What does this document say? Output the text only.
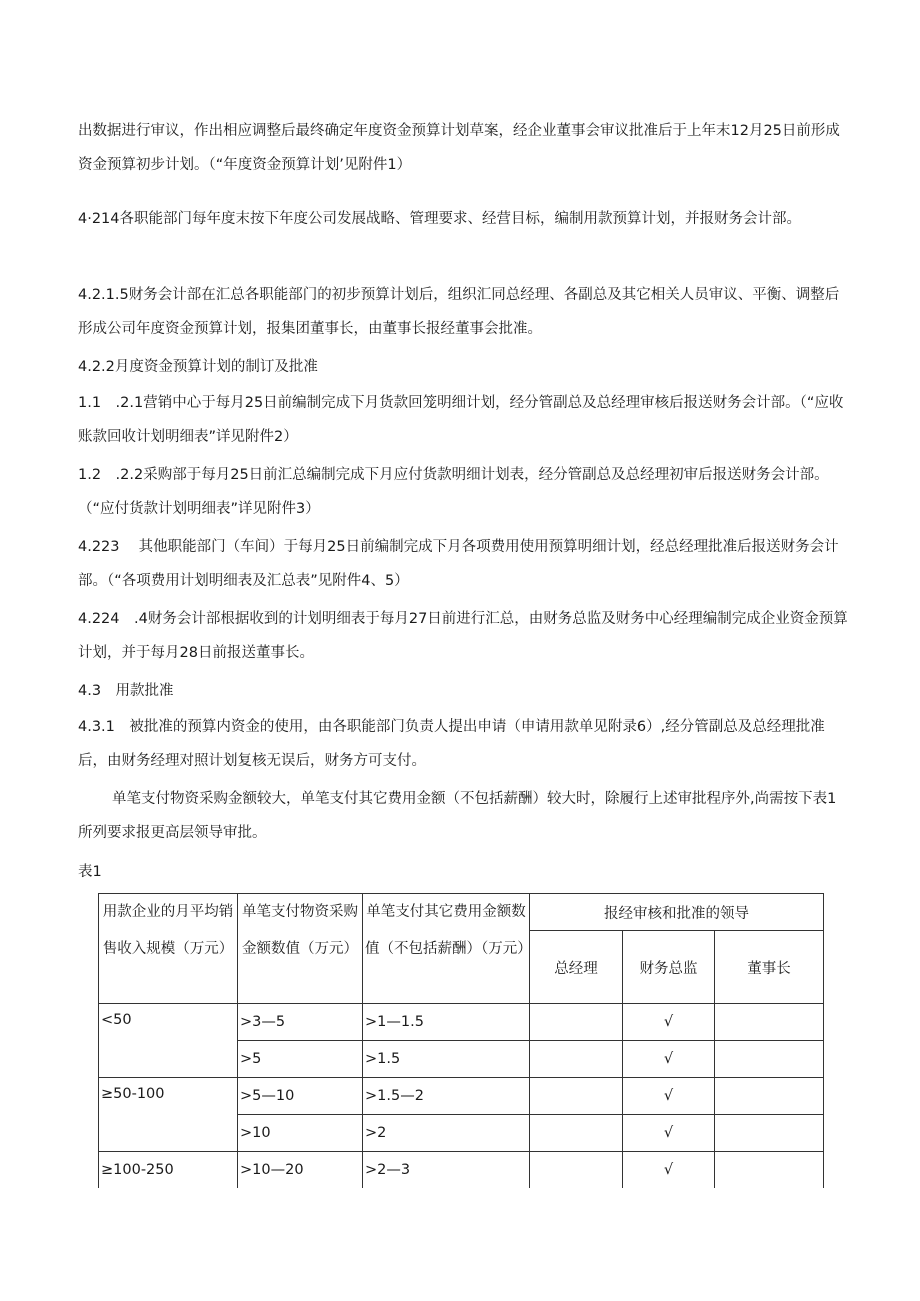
出数据进行审议，作出相应调整后最终确定年度资金预算计划草案，经企业董事会审议批准后于上年末12月25日前形成资金预算初步计划。（“年度资金预算计划’见附件1）

4·214各职能部门每年度末按下年度公司发展战略、管理要求、经营目标，编制用款预算计划，并报财务会计部。

4.2.1.5财务会计部在汇总各职能部门的初步预算计划后，组织汇同总经理、各副总及其它相关人员审议、平衡、调整后形成公司年度资金预算计划，报集团董事长，由董事长报经董事会批准。

4.2.2月度资金预算计划的制订及批准

1.1　.2.1营销中心于每月25日前编制完成下月货款回笼明细计划，经分管副总及总经理审核后报送财务会计部。（“应收账款回收计划明细表”详见附件2）

1.2　.2.2采购部于每月25日前汇总编制完成下月应付货款明细计划表，经分管副总及总经理初审后报送财务会计部。（“应付货款计划明细表”详见附件3）

4.223　 其他职能部门（车间）于每月25日前编制完成下月各项费用使用预算明细计划，经总经理批准后报送财务会计部。（“各项费用计划明细表及汇总表”见附件4、5）

4.224　.4财务会计部根据收到的计划明细表于每月27日前进行汇总，由财务总监及财务中心经理编制完成企业资金预算计划，并于每月28日前报送董事长。

4.3　用款批准

4.3.1　被批准的预算内资金的使用，由各职能部门负责人提出申请（申请用款单见附录6）,经分管副总及总经理批准后，由财务经理对照计划复核无误后，财务方可支付。

单笔支付物资采购金额较大，单笔支付其它费用金额（不包括薪酬）较大时，除履行上述审批程序外,尚需按下表1所列要求报更高层领导审批。

表1
用款企业的月平均销售收入规模（万元）	单笔支付物资采购金额数值（万元）	单笔支付其它费用金额数值（不包括薪酬）（万元）	报经审核和批准的领导		
			总经理	财务总监	董事长
<50	>3—5	>1—1.5		√	
	>5	>1.5		√	
≥50-100	>5—10	>1.5—2		√	
	>10	>2		√	
≥100-250	>10—20	>2—3		√	
